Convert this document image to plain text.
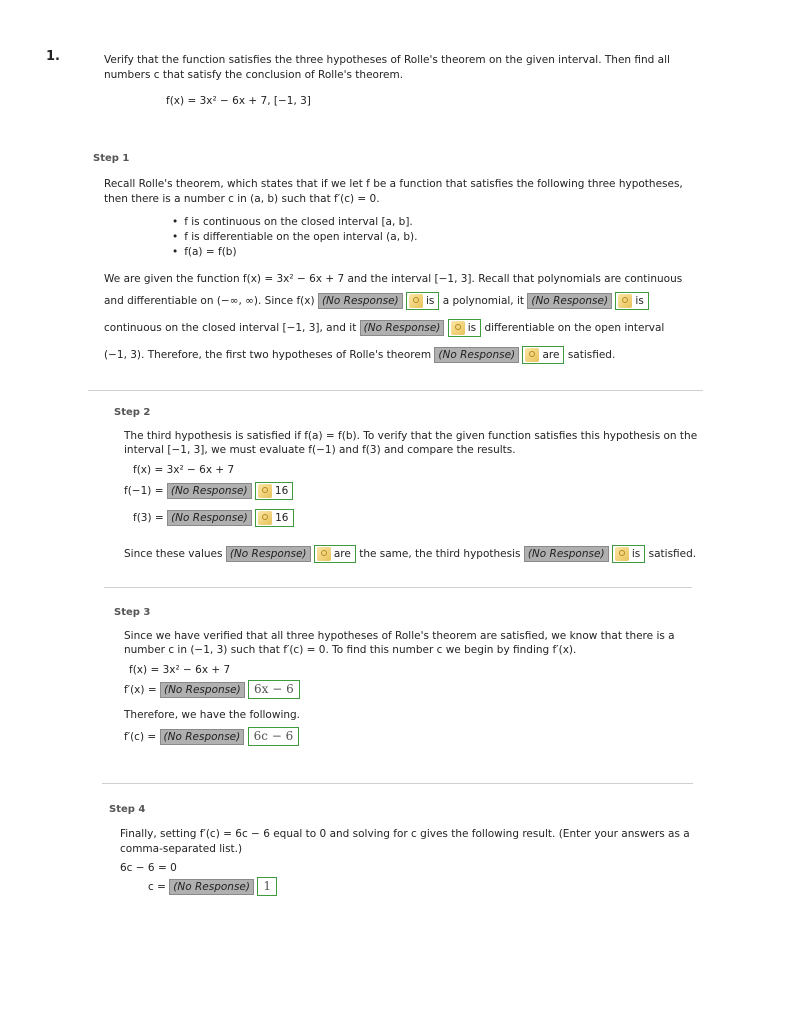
1.	Verify that the function satisfies the three hypotheses of Rolle's theorem on the given interval. Then find all
numbers c that satisfy the conclusion of Rolle's theorem.
f(x) = 3x² − 6x + 7, [−1, 3]
Step 1
Recall Rolle's theorem, which states that if we let f be a function that satisfies the following three hypotheses,
then there is a number c in (a, b) such that f′(c) = 0.
• f is continuous on the closed interval [a, b].
• f is differentiable on the open interval (a, b).
• f(a) = f(b)
We are given the function f(x) = 3x² − 6x + 7 and the interval [−1, 3]. Recall that polynomials are continuous
and differentiable on (−∞, ∞). Since f(x) (No Response)	is a polynomial, it (No Response)	is
continuous on the closed interval [−1, 3], and it (No Response)	is differentiable on the open interval
(−1, 3). Therefore, the first two hypotheses of Rolle's theorem (No Response)	are satisfied.
Step 2
The third hypothesis is satisfied if f(a) = f(b). To verify that the given function satisfies this hypothesis on the
interval [−1, 3], we must evaluate f(−1) and f(3) and compare the results.
f(x) = 3x² − 6x + 7
f(−1) = (No Response)	16
f(3) = (No Response)	16
Since these values (No Response)	are the same, the third hypothesis (No Response)	is satisfied.
Step 3
Since we have verified that all three hypotheses of Rolle's theorem are satisfied, we know that there is a
number c in (−1, 3) such that f′(c) = 0. To find this number c we begin by finding f′(x).
f(x) = 3x² − 6x + 7
f′(x) = (No Response) 6x − 6
Therefore, we have the following.
f′(c) = (No Response) 6c − 6
Step 4
Finally, setting f′(c) = 6c − 6 equal to 0 and solving for c gives the following result. (Enter your answers as a
comma-separated list.)
6c − 6 = 0
c = (No Response) 1
